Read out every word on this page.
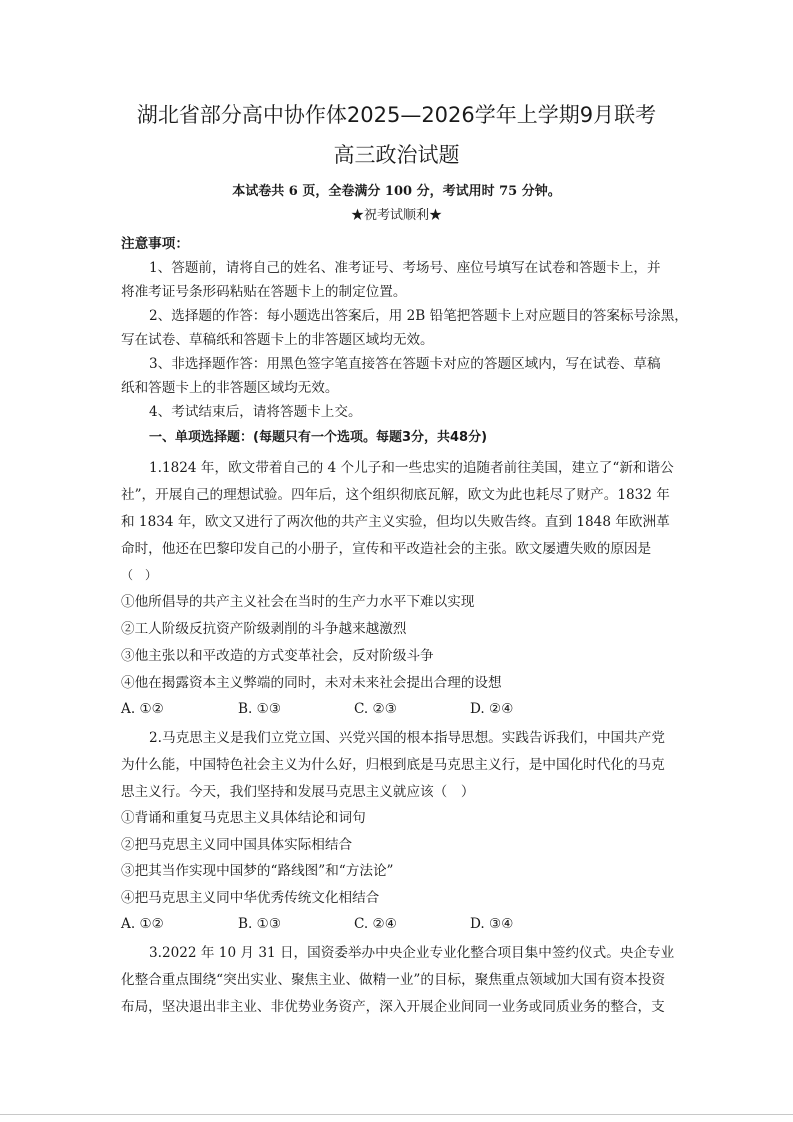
湖北省部分高中协作体2025—2026学年上学期9月联考
高三政治试题
本试卷共 6 页，全卷满分 100 分，考试用时 75 分钟。
★祝考试顺利★
注意事项：
1、答题前，请将自己的姓名、准考证号、考场号、座位号填写在试卷和答题卡上，并
将准考证号条形码粘贴在答题卡上的制定位置。
2、选择题的作答：每小题选出答案后，用 2B 铅笔把答题卡上对应题目的答案标号涂黑，
写在试卷、草稿纸和答题卡上的非答题区域均无效。
3、非选择题作答：用黑色签字笔直接答在答题卡对应的答题区域内，写在试卷、草稿
纸和答题卡上的非答题区域均无效。
4、考试结束后，请将答题卡上交。
一、单项选择题：(每题只有一个选项。每题3分，共48分)
1.1824 年，欧文带着自己的 4 个儿子和一些忠实的追随者前往美国，建立了“新和谐公
社”，开展自己的理想试验。四年后，这个组织彻底瓦解，欧文为此也耗尽了财产。1832 年
和 1834 年，欧文又进行了两次他的共产主义实验，但均以失败告终。直到 1848 年欧洲革
命时，他还在巴黎印发自己的小册子，宣传和平改造社会的主张。欧文屡遭失败的原因是
（　）
①他所倡导的共产主义社会在当时的生产力水平下难以实现
②工人阶级反抗资产阶级剥削的斗争越来越激烈
③他主张以和平改造的方式变革社会，反对阶级斗争
④他在揭露资本主义弊端的同时，未对未来社会提出合理的设想
A. ①②	B. ①③	C. ②③	D. ②④
2.马克思主义是我们立党立国、兴党兴国的根本指导思想。实践告诉我们，中国共产党
为什么能，中国特色社会主义为什么好，归根到底是马克思主义行，是中国化时代化的马克
思主义行。今天，我们坚持和发展马克思主义就应该（　）
①背诵和重复马克思主义具体结论和词句
②把马克思主义同中国具体实际相结合
③把其当作实现中国梦的“路线图”和“方法论”
④把马克思主义同中华优秀传统文化相结合
A. ①②	B. ①③	C. ②④	D. ③④
3.2022 年 10 月 31 日，国资委举办中央企业专业化整合项目集中签约仪式。央企专业
化整合重点围绕“突出实业、聚焦主业、做精一业”的目标，聚焦重点领域加大国有资本投资
布局，坚决退出非主业、非优势业务资产，深入开展企业间同一业务或同质业务的整合，支
